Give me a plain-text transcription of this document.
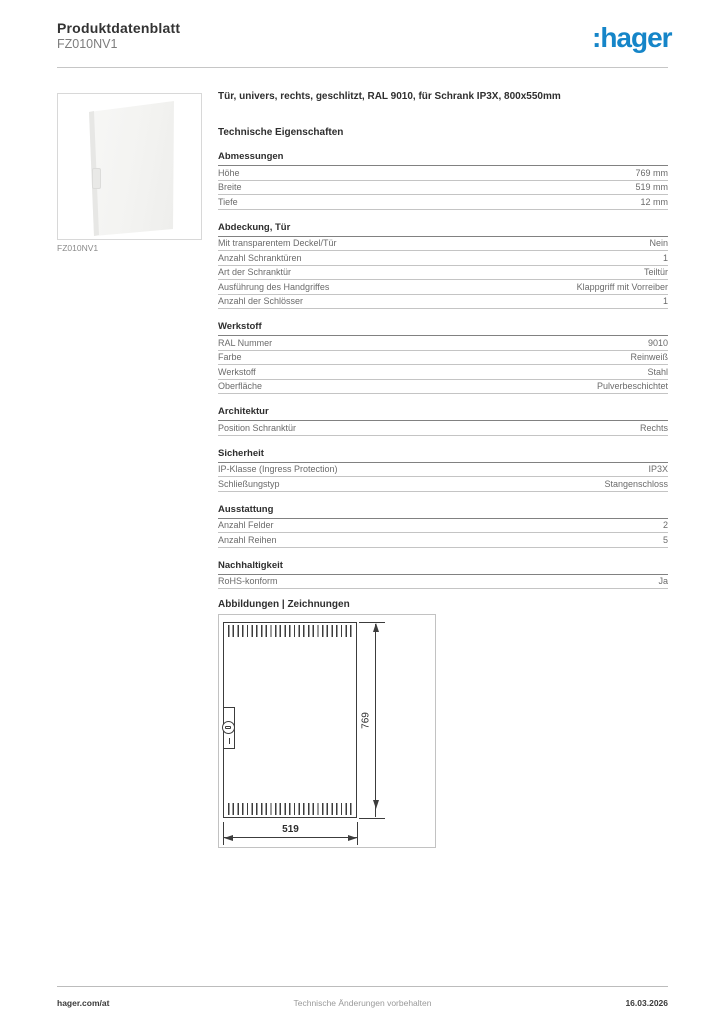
Produktdatenblatt
FZ010NV1	:hager
FZ010NV1
Tür, univers, rechts, geschlitzt, RAL 9010, für Schrank IP3X, 800x550mm
Technische Eigenschaften
Abmessungen
Höhe	769 mm
Breite	519 mm
Tiefe	12 mm
Abdeckung, Tür
Mit transparentem Deckel/Tür	Nein
Anzahl Schranktüren	1
Art der Schranktür	Teiltür
Ausführung des Handgriffes	Klappgriff mit Vorreiber
Anzahl der Schlösser	1
Werkstoff
RAL Nummer	9010
Farbe	Reinweiß
Werkstoff	Stahl
Oberfläche	Pulverbeschichtet
Architektur
Position Schranktür	Rechts
Sicherheit
IP-Klasse (Ingress Protection)	IP3X
Schließungstyp	Stangenschloss
Ausstattung
Anzahl Felder	2
Anzahl Reihen	5
Nachhaltigkeit
RoHS-konform	Ja
Abbildungen | Zeichnungen
769
519
Technische Änderungen vorbehalten
hager.com/at	16.03.2026
